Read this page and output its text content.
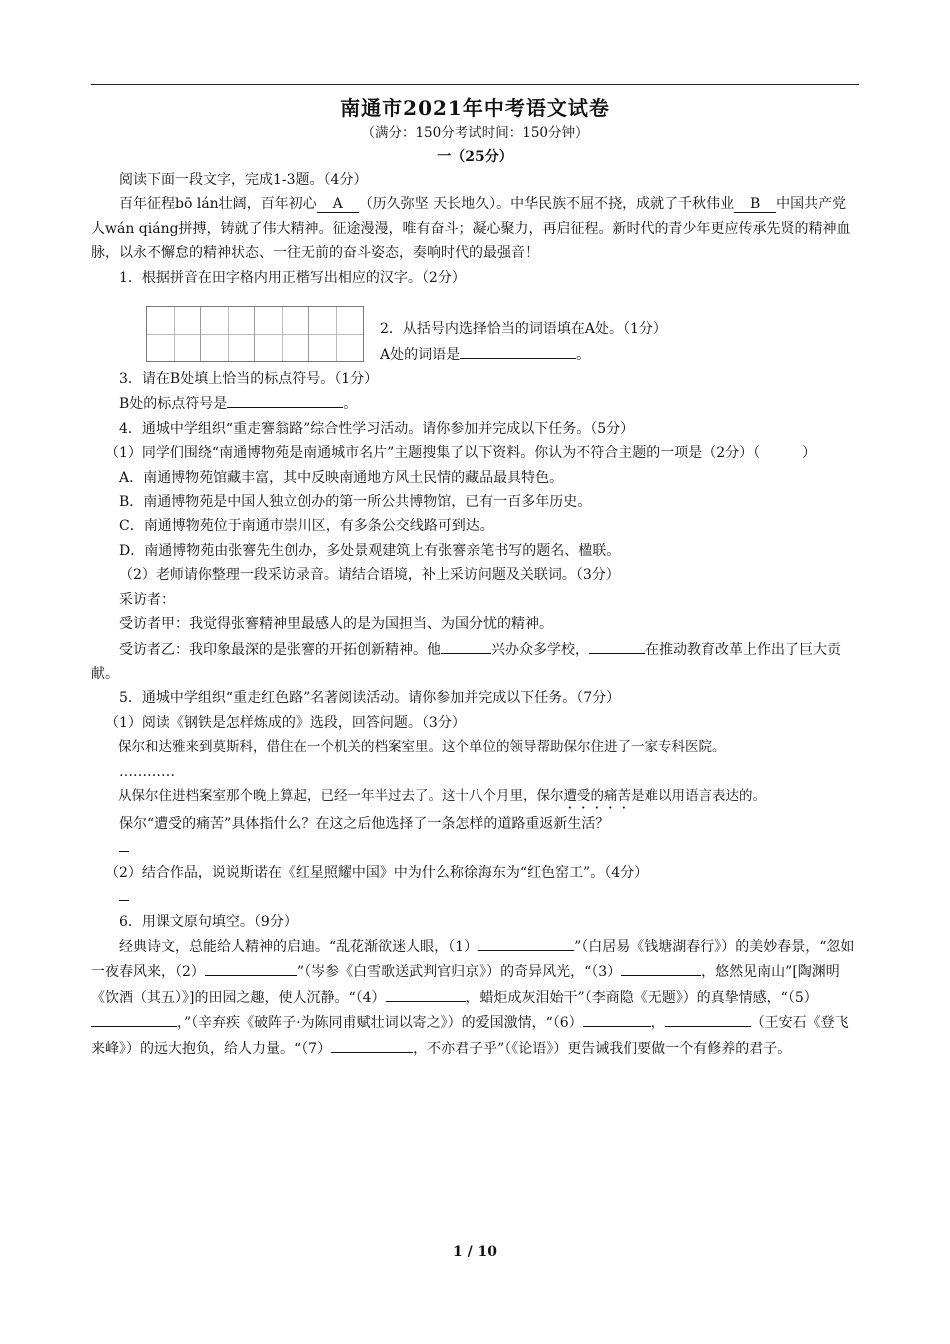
南通市2021年中考语文试卷
（满分：150分考试时间：150分钟）
一（25分）

阅读下面一段文字，完成1-3题。（4分）

百年征程bō lán壮阔，百年初心 A （历久弥坚 天长地久）。中华民族不屈不挠，成就了千秋伟业 B 中国共产党人wán qiáng拼搏，铸就了伟大精神。征途漫漫，唯有奋斗；凝心聚力，再启征程。新时代的青少年更应传承先贤的精神血脉，以永不懈怠的精神状态、一往无前的奋斗姿态，奏响时代的最强音！

1．根据拼音在田字格内用正楷写出相应的汉字。（2分）

2．从括号内选择恰当的词语填在A处。（1分）

A处的词语是	。

3．请在B处填上恰当的标点符号。（1分）

B处的标点符号是	。

4．通城中学组织“重走謇翁路”综合性学习活动。请你参加并完成以下任务。（5分）

（1）同学们围绕“南通博物苑是南通城市名片”主题搜集了以下资料。你认为不符合主题的一项是（2分）（　　　）

A．南通博物苑馆藏丰富，其中反映南通地方风土民情的藏品最具特色。

B．南通博物苑是中国人独立创办的第一所公共博物馆，已有一百多年历史。

C．南通博物苑位于南通市崇川区，有多条公交线路可到达。

D．南通博物苑由张謇先生创办，多处景观建筑上有张謇亲笔书写的题名、楹联。

（2）老师请你整理一段采访录音。请结合语境，补上采访问题及关联词。（3分）

采访者：

受访者甲：我觉得张謇精神里最感人的是为国担当、为国分忧的精神。

受访者乙：我印象最深的是张謇的开拓创新精神。他	兴办众多学校，	在推动教育改革上作出了巨大贡献。

5．通城中学组织“重走红色路”名著阅读活动。请你参加并完成以下任务。（7分）

（1）阅读《钢铁是怎样炼成的》选段，回答问题。（3分）

保尔和达雅来到莫斯科，借住在一个机关的档案室里。这个单位的领导帮助保尔住进了一家专科医院。

…………

从保尔住进档案室那个晚上算起，已经一年半过去了。这十八个月里，保尔遭受的痛苦是难以用语言表达的。

保尔“遭受的痛苦”具体指什么？在这之后他选择了一条怎样的道路重返新生活？

（2）结合作品，说说斯诺在《红星照耀中国》中为什么称徐海东为“红色窑工”。（4分）

6．用课文原句填空。（9分）

经典诗文，总能给人精神的启迪。“乱花渐欲迷人眼，（1）	”（白居易《钱塘湖春行》）的美妙春景，“忽如一夜春风来，（2）	”（岑参《白雪歌送武判官归京》）的奇异风光，“（3）	，悠然见南山”[陶渊明《饮酒（其五）》]的田园之趣，使人沉静。“（4）	，蜡炬成灰泪始干”（李商隐《无题》）的真挚情感，“（5），”（辛弃疾《破阵子·为陈同甫赋壮词以寄之》）的爱国激情，“（6）	，	（王安石《登飞来峰》）的远大抱负，给人力量。“（7）	，不亦君子乎”（《论语》）更告诫我们要做一个有修养的君子。

1 / 10
